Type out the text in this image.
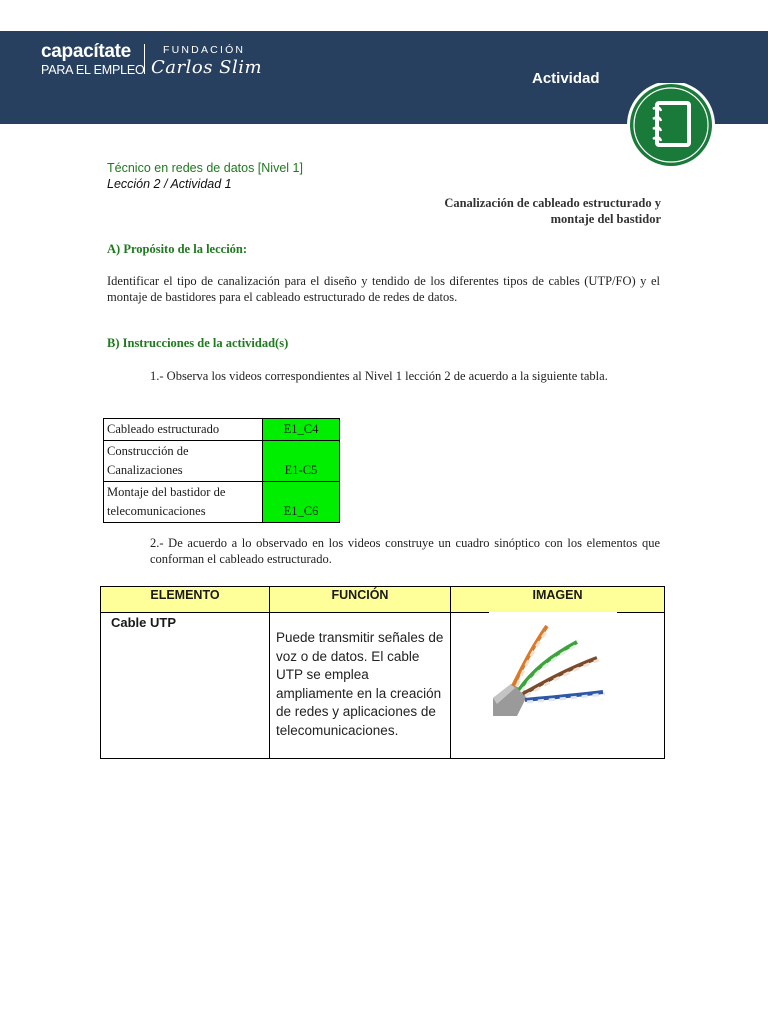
capacítate
PARA EL EMPLEO
FUNDACIÓN
Carlos Slim
Actividad
Técnico en redes de datos [Nivel 1]
Lección 2 / Actividad 1
Canalización de cableado estructurado y
montaje del bastidor
A) Propósito de la lección:
Identificar el tipo de canalización para el diseño y tendido de los diferentes tipos de cables (UTP/FO) y el montaje de bastidores para el cableado estructurado de redes de datos.
B) Instrucciones de la actividad(s)
1.- Observa los videos correspondientes al Nivel 1 lección 2 de acuerdo a la siguiente tabla.
Cableado estructurado	E1_C4
Construcción de Canalizaciones	E1-C5
Montaje del bastidor de telecomunicaciones	E1_C6
2.- De acuerdo a lo observado en los videos construye un cuadro sinóptico con los elementos que conforman el cableado estructurado.
ELEMENTO	FUNCIÓN	IMAGEN
Cable UTP	Puede transmitir señales de voz o de datos. El cable UTP se emplea ampliamente en la creación de redes y aplicaciones de telecomunicaciones.	
